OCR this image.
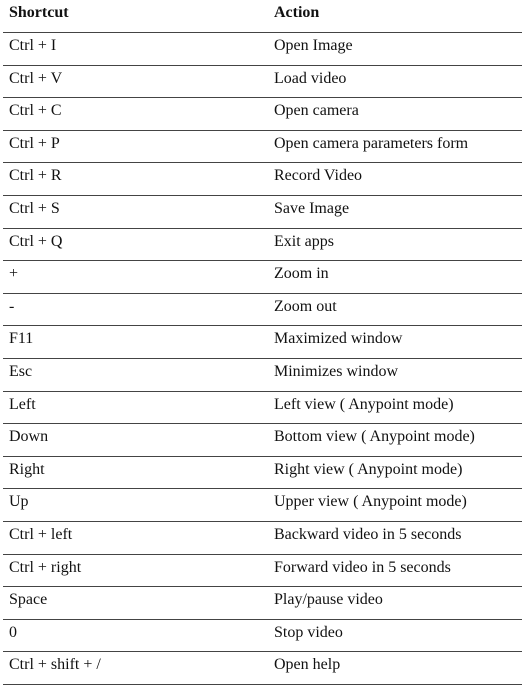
Shortcut	Action
Ctrl + I	Open Image
Ctrl + V	Load video
Ctrl + C	Open camera
Ctrl + P	Open camera parameters form
Ctrl + R	Record Video
Ctrl + S	Save Image
Ctrl + Q	Exit apps
+	Zoom in
-	Zoom out
F11	Maximized window
Esc	Minimizes window
Left	Left view ( Anypoint mode)
Down	Bottom view ( Anypoint mode)
Right	Right view ( Anypoint mode)
Up	Upper view ( Anypoint mode)
Ctrl + left	Backward video in 5 seconds
Ctrl + right	Forward video in 5 seconds
Space	Play/pause video
0	Stop video
Ctrl + shift + /	Open help
